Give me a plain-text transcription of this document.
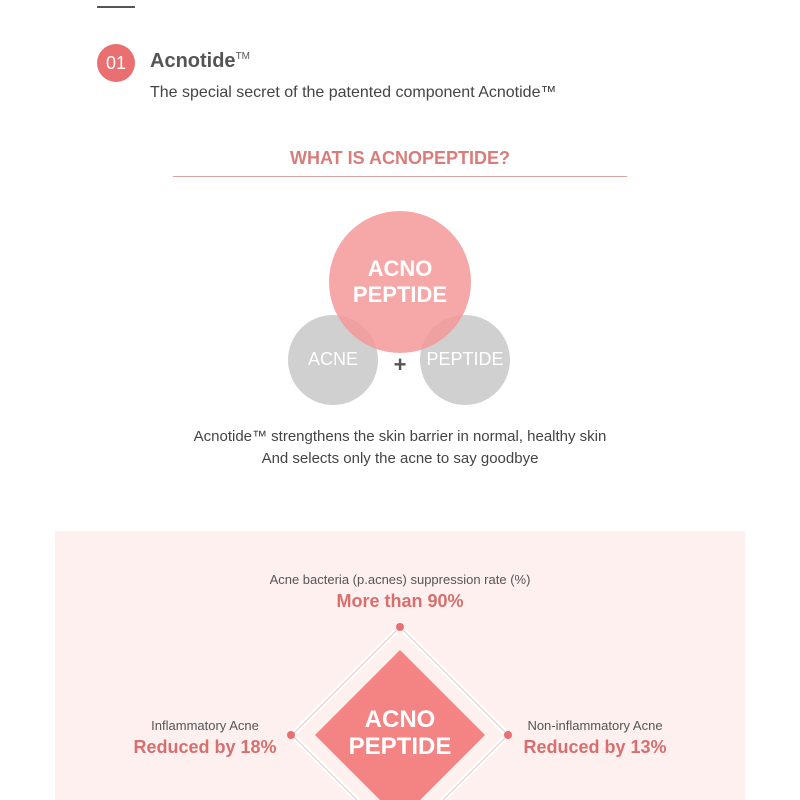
01	Acnotide™
The special secret of the patented component Acnotide™
WHAT IS ACNOPEPTIDE?
ACNO
PEPTIDE
ACNE	PEPTIDE
+
Acnotide™ strengthens the skin barrier in normal, healthy skin
And selects only the acne to say goodbye
ACNO
PEPTIDE
Acne bacteria (p.acnes) suppression rate (%)
More than 90%
Inflammatory Acne
Reduced by 18%
Non-inflammatory Acne
Reduced by 13%
